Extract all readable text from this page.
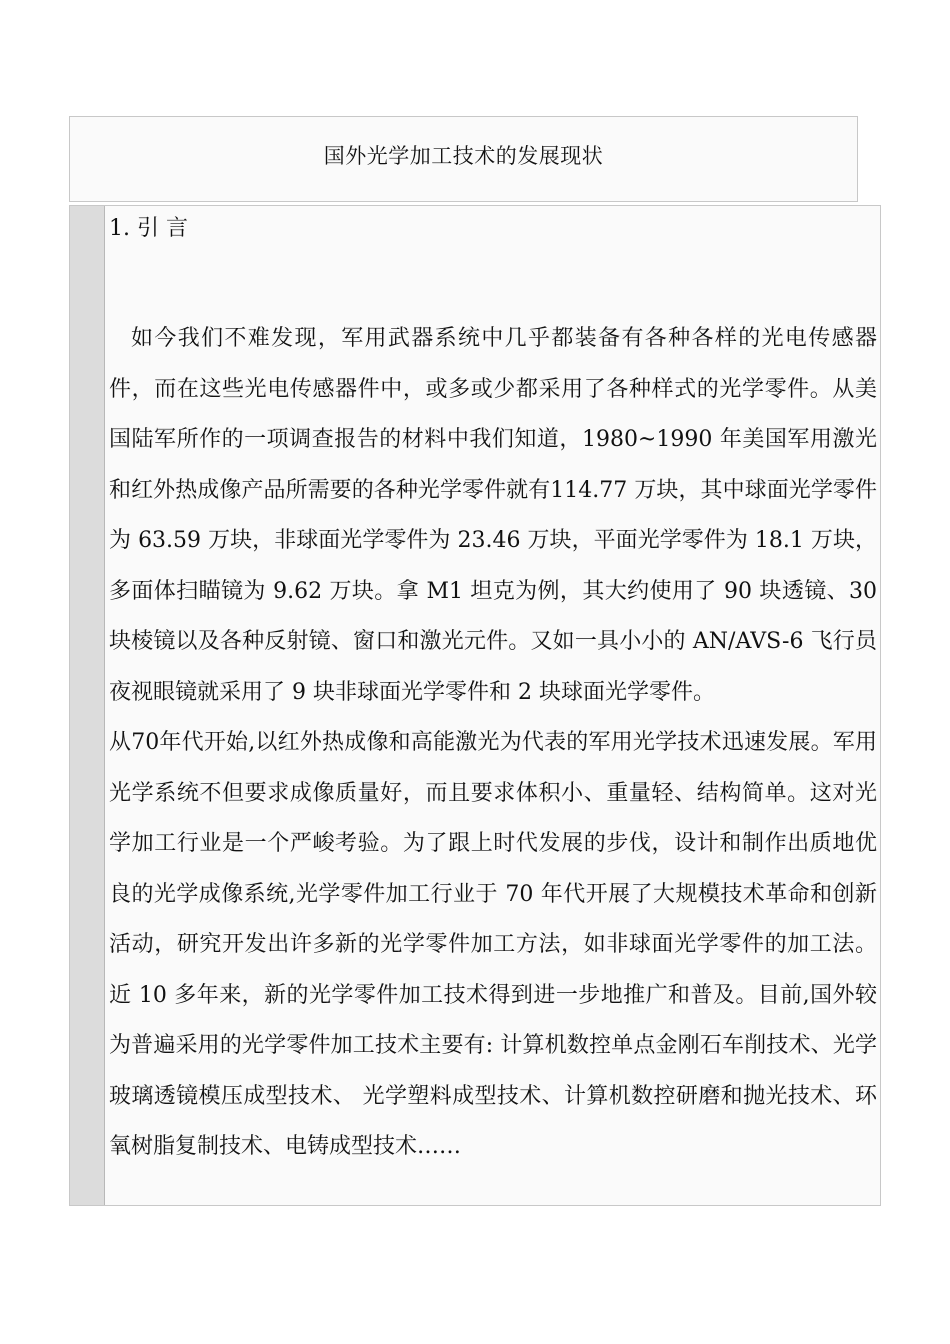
国外光学加工技术的发展现状
1. 引 言

如今我们不难发现，军用武器系统中几乎都装备有各种各样的光电传感器件，而在这些光电传感器件中，或多或少都采用了各种样式的光学零件。从美国陆军所作的一项调查报告的材料中我们知道，1980~1990 年美国军用激光和红外热成像产品所需要的各种光学零件就有114.77 万块，其中球面光学零件为 63.59 万块，非球面光学零件为 23.46 万块，平面光学零件为 18.1 万块，多面体扫瞄镜为 9.62 万块。拿 M1 坦克为例，其大约使用了 90 块透镜、30 块棱镜以及各种反射镜、窗口和激光元件。又如一具小小的 AN/AVS-6 飞行员夜视眼镜就采用了 9 块非球面光学零件和 2 块球面光学零件。

从70年代开始,以红外热成像和高能激光为代表的军用光学技术迅速发展。军用光学系统不但要求成像质量好，而且要求体积小、重量轻、结构简单。这对光学加工行业是一个严峻考验。为了跟上时代发展的步伐，设计和制作出质地优良的光学成像系统,光学零件加工行业于 70 年代开展了大规模技术革命和创新活动，研究开发出许多新的光学零件加工方法，如非球面光学零件的加工法。近 10 多年来，新的光学零件加工技术得到进一步地推广和普及。目前,国外较为普遍采用的光学零件加工技术主要有: 计算机数控单点金刚石车削技术、光学玻璃透镜模压成型技术、 光学塑料成型技术、计算机数控研磨和抛光技术、环氧树脂复制技术、电铸成型技术……
